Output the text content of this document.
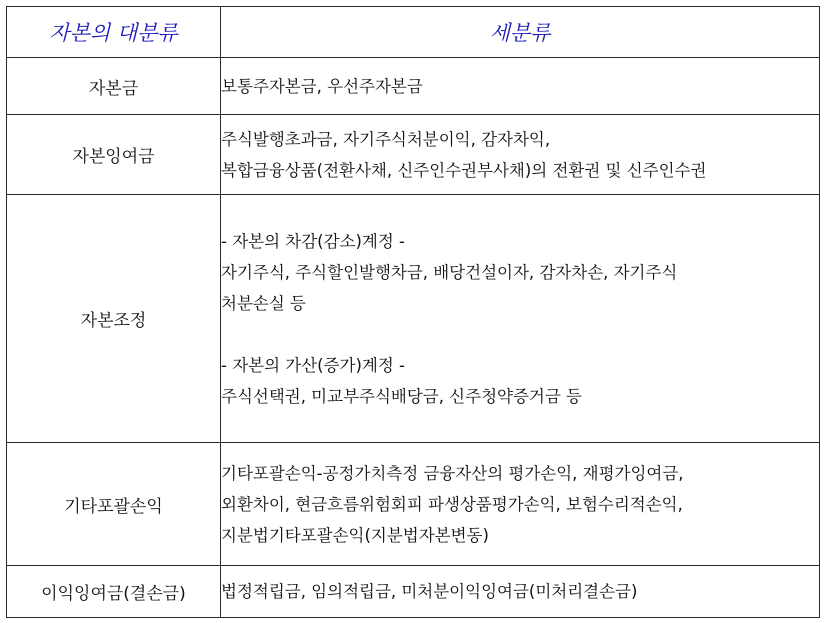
자본의 대분류	세분류
자본금	보통주자본금, 우선주자본금

자본잉여금	주식발행초과금, 자기주식처분이익, 감자차익,
복합금융상품(전환사채, 신주인수권부사채)의 전환권 및 신주인수권

자본조정	- 자본의 차감(감소)계정 -
자기주식, 주식할인발행차금, 배당건설이자, 감자차손, 자기주식
처분손실 등
- 자본의 가산(증가)계정 -
주식선택권, 미교부주식배당금, 신주청약증거금 등

기타포괄손익	기타포괄손익-공정가치측정 금융자산의 평가손익, 재평가잉여금,
외환차이, 현금흐름위험회피 파생상품평가손익, 보험수리적손익,
지분법기타포괄손익(지분법자본변동)

이익잉여금(결손금)	법정적립금, 임의적립금, 미처분이익잉여금(미처리결손금)
